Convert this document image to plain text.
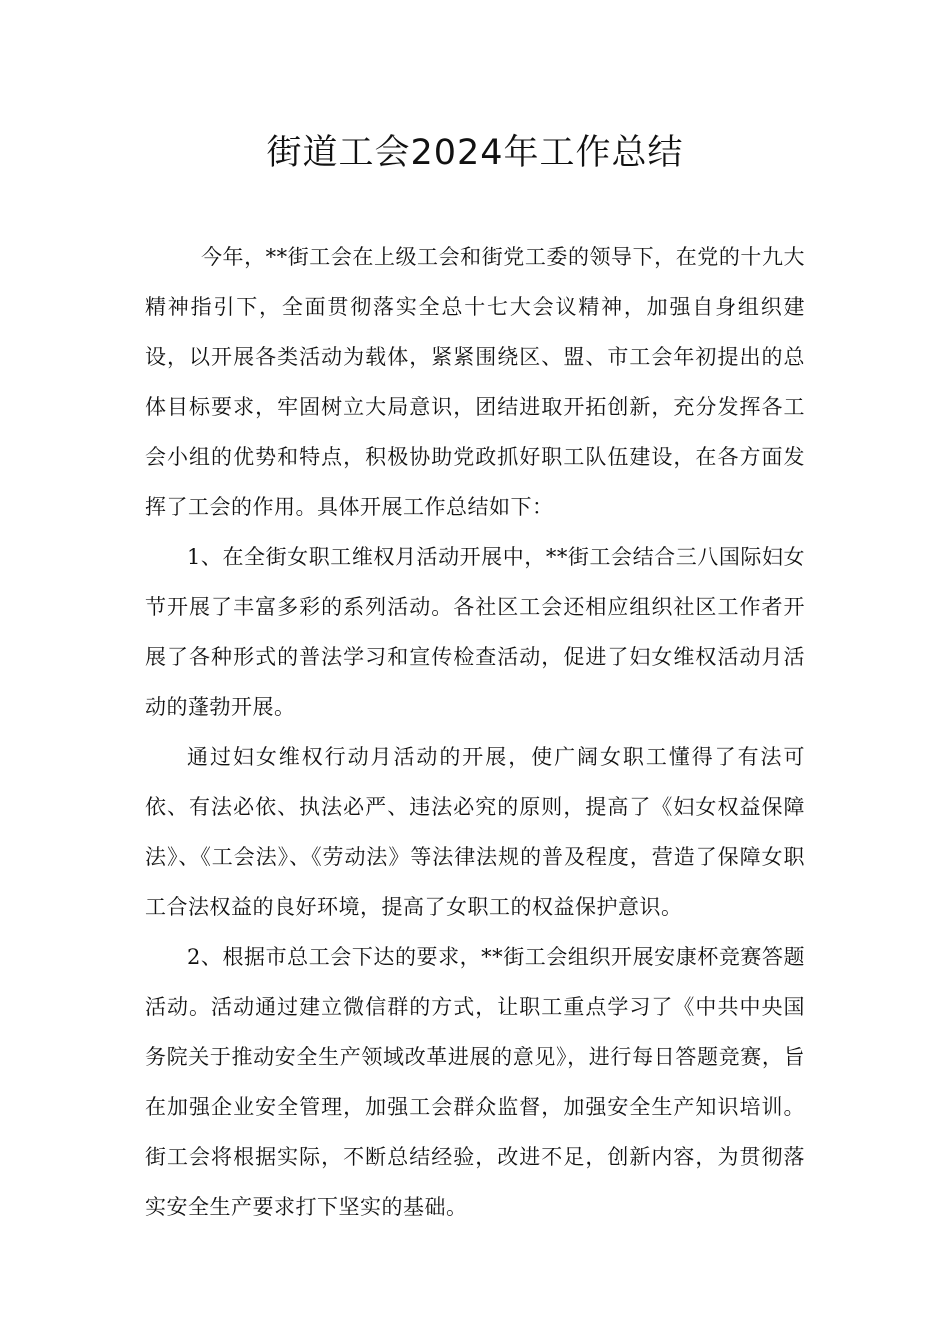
街道工会2024年工作总结

今年，**街工会在上级工会和街党工委的领导下，在党的十九大精神指引下，全面贯彻落实全总十七大会议精神，加强自身组织建设，以开展各类活动为载体，紧紧围绕区、盟、市工会年初提出的总体目标要求，牢固树立大局意识，团结进取开拓创新，充分发挥各工会小组的优势和特点，积极协助党政抓好职工队伍建设，在各方面发挥了工会的作用。具体开展工作总结如下：

1、在全街女职工维权月活动开展中，**街工会结合三八国际妇女节开展了丰富多彩的系列活动。各社区工会还相应组织社区工作者开展了各种形式的普法学习和宣传检查活动，促进了妇女维权活动月活动的蓬勃开展。

通过妇女维权行动月活动的开展，使广阔女职工懂得了有法可依、有法必依、执法必严、违法必究的原则，提高了《妇女权益保障法》、《工会法》、《劳动法》等法律法规的普及程度，营造了保障女职工合法权益的良好环境，提高了女职工的权益保护意识。

2、根据市总工会下达的要求，**街工会组织开展安康杯竞赛答题活动。活动通过建立微信群的方式，让职工重点学习了《中共中央国务院关于推动安全生产领域改革进展的意见》，进行每日答题竞赛，旨在加强企业安全管理，加强工会群众监督，加强安全生产知识培训。街工会将根据实际，不断总结经验，改进不足，创新内容，为贯彻落实安全生产要求打下坚实的基础。
